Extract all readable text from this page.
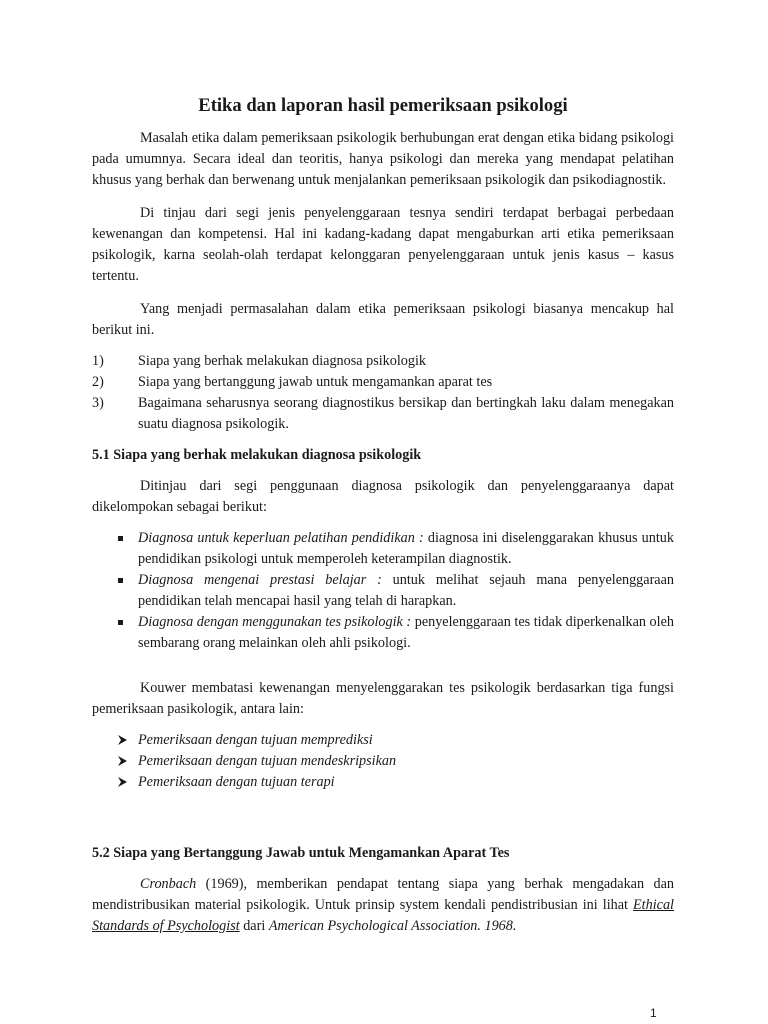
Etika dan laporan hasil pemeriksaan psikologi

Masalah etika dalam pemeriksaan psikologik berhubungan erat dengan etika bidang psikologi pada umumnya. Secara ideal dan teoritis, hanya psikologi dan mereka yang mendapat pelatihan khusus yang berhak dan berwenang untuk menjalankan pemeriksaan psikologik dan psikodiagnostik.

Di tinjau dari segi jenis penyelenggaraan tesnya sendiri terdapat berbagai perbedaan kewenangan dan kompetensi. Hal ini kadang-kadang dapat mengaburkan arti etika pemeriksaan psikologik, karna seolah-olah terdapat kelonggaran penyelenggaraan untuk jenis kasus – kasus tertentu.

Yang menjadi permasalahan dalam etika pemeriksaan psikologi biasanya mencakup hal berikut ini.

1) Siapa yang berhak melakukan diagnosa psikologik
2) Siapa yang bertanggung jawab untuk mengamankan aparat tes
3) Bagaimana seharusnya seorang diagnostikus bersikap dan bertingkah laku dalam menegakan suatu diagnosa psikologik.
5.1 Siapa yang berhak melakukan diagnosa psikologik

Ditinjau dari segi penggunaan diagnosa psikologik dan penyelenggaraanya dapat dikelompokan sebagai berikut:

Diagnosa untuk keperluan pelatihan pendidikan : diagnosa ini diselenggarakan khusus untuk pendidikan psikologi untuk memperoleh keterampilan diagnostik.
Diagnosa mengenai prestasi belajar : untuk melihat sejauh mana penyelenggaraan pendidikan telah mencapai hasil yang telah di harapkan.
Diagnosa dengan menggunakan tes psikologik : penyelenggaraan tes tidak diperkenalkan oleh sembarang orang melainkan oleh ahli psikologi.

Kouwer membatasi kewenangan menyelenggarakan tes psikologik berdasarkan tiga fungsi pemeriksaan pasikologik, antara lain:

Pemeriksaan dengan tujuan memprediksi
Pemeriksaan dengan tujuan mendeskripsikan
Pemeriksaan dengan tujuan terapi
5.2 Siapa yang Bertanggung Jawab untuk Mengamankan Aparat Tes

Cronbach (1969), memberikan pendapat tentang siapa yang berhak mengadakan dan mendistribusikan material psikologik. Untuk prinsip system kendali pendistribusian ini lihat Ethical Standards of Psychologist dari American Psychological Association. 1968.

1
